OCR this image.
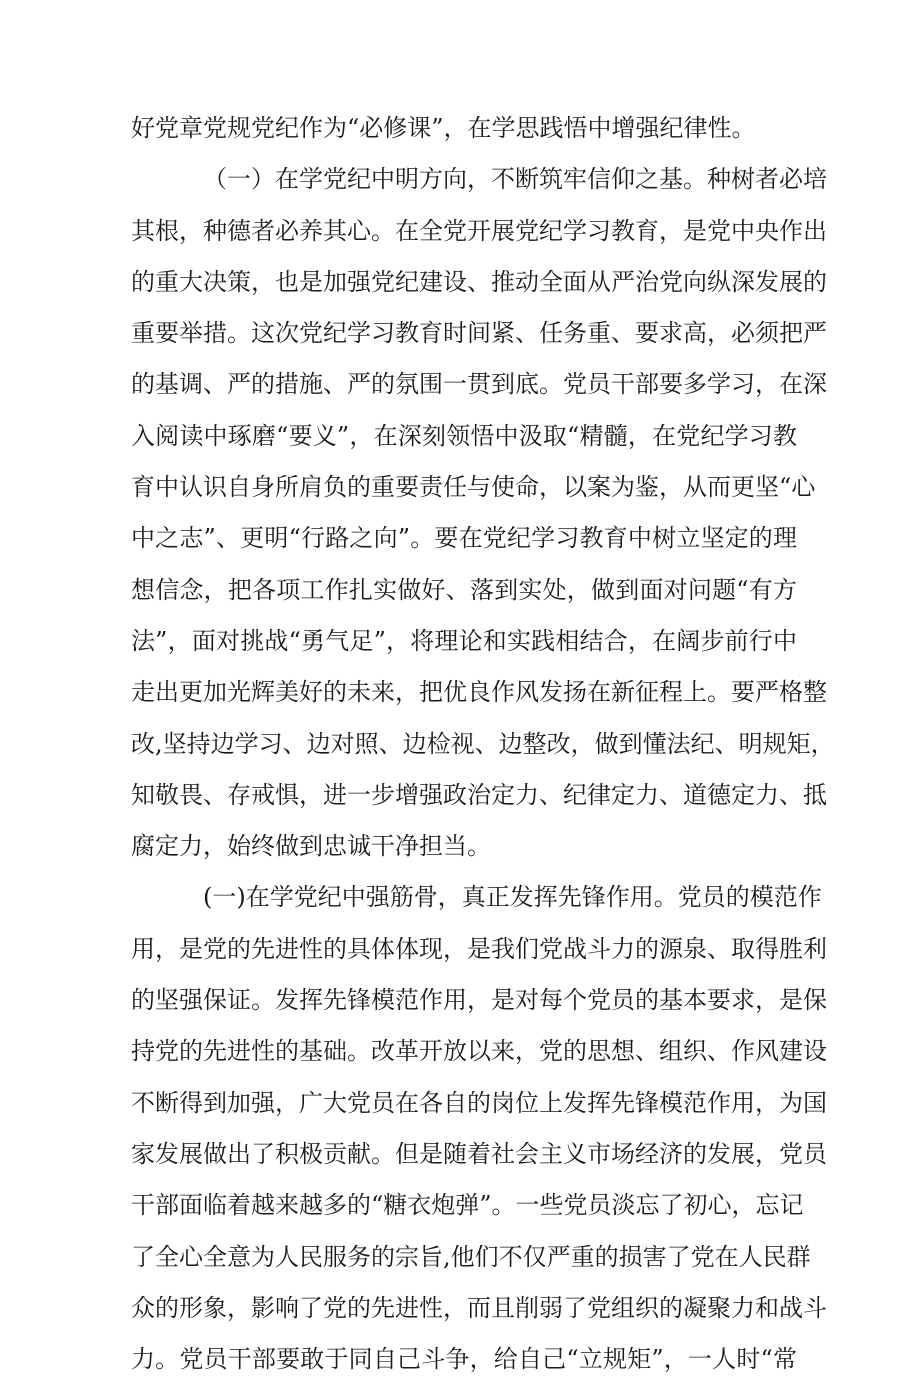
好党章党规党纪作为“必修课”，在学思践悟中增强纪律性。
（一）在学党纪中明方向，不断筑牢信仰之基。种树者必培
其根，种德者必养其心。在全党开展党纪学习教育，是党中央作出
的重大决策，也是加强党纪建设、推动全面从严治党向纵深发展的
重要举措。这次党纪学习教育时间紧、任务重、要求高，必须把严
的基调、严的措施、严的氛围一贯到底。党员干部要多学习，在深
入阅读中琢磨“要义”，在深刻领悟中汲取“精髓，在党纪学习教
育中认识自身所肩负的重要责任与使命，以案为鉴，从而更坚“心
中之志”、更明“行路之向”。要在党纪学习教育中树立坚定的理
想信念，把各项工作扎实做好、落到实处，做到面对问题“有方
法”，面对挑战“勇气足”，将理论和实践相结合，在阔步前行中
走出更加光辉美好的未来，把优良作风发扬在新征程上。要严格整
改,坚持边学习、边对照、边检视、边整改，做到懂法纪、明规矩，
知敬畏、存戒惧，进一步增强政治定力、纪律定力、道德定力、抵
腐定力，始终做到忠诚干净担当。
(一)在学党纪中强筋骨，真正发挥先锋作用。党员的模范作
用，是党的先进性的具体体现，是我们党战斗力的源泉、取得胜利
的坚强保证。发挥先锋模范作用，是对每个党员的基本要求，是保
持党的先进性的基础。改革开放以来，党的思想、组织、作风建设
不断得到加强，广大党员在各自的岗位上发挥先锋模范作用，为国
家发展做出了积极贡献。但是随着社会主义市场经济的发展，党员
干部面临着越来越多的“糖衣炮弹”。一些党员淡忘了初心，忘记
了全心全意为人民服务的宗旨,他们不仅严重的损害了党在人民群
众的形象，影响了党的先进性，而且削弱了党组织的凝聚力和战斗
力。党员干部要敢于同自己斗争，给自己“立规矩”，一人时“常
